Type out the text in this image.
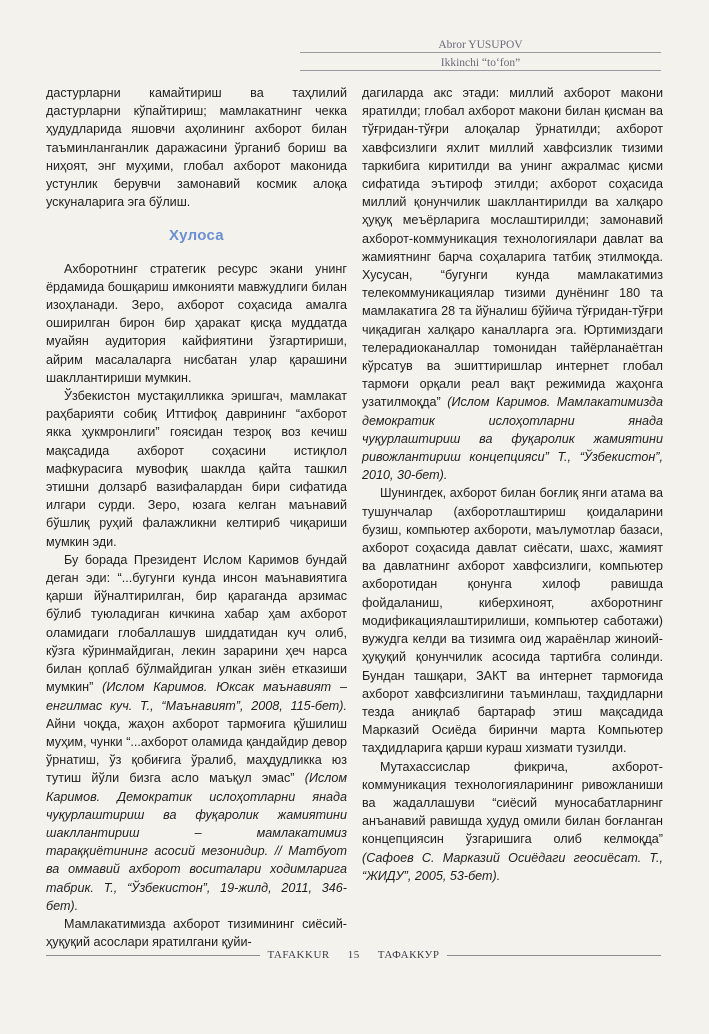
Abror YUSUPOV
Ikkinchi “to‘fon”

дастурларни камайтириш ва таҳлилий дастурларни кўпайтириш; мамлакатнинг чекка ҳудудларида яшовчи аҳолининг ахборот билан таъминланганлик даражасини ўрганиб бориш ва ниҳоят, энг муҳими, глобал ахборот маконида устунлик берувчи замонавий космик алоқа ускуналарига эга бўлиш.

Хулоса

Ахборотнинг стратегик ресурс экани унинг ёрдамида бошқариш имконияти мавжудлиги билан изоҳланади. Зеро, ахборот соҳасида амалга оширилган бирон бир ҳаракат қисқа муддатда муайян аудитория кайфиятини ўзгартириши, айрим масалаларга нисбатан улар қарашини шакллантириши мумкин.

Ўзбекистон мустақилликка эришгач, мамлакат раҳбарияти собиқ Иттифоқ даврининг “ахборот якка ҳукмронлиги” гоясидан тезроқ воз кечиш мақсадида ахборот соҳасини истиқлол мафкурасига мувофиқ шаклда қайта ташкил этишни долзарб вазифалардан бири сифатида илгари сурди. Зеро, юзага келган маънавий бўшлиқ руҳий фалажликни келтириб чиқариши мумкин эди.

Бу борада Президент Ислом Каримов бундай деган эди: “...бугунги кунда инсон маънавиятига қарши йўналтирилган, бир қараганда арзимас бўлиб туюладиган кичкина хабар ҳам ахборот оламидаги глобаллашув шиддатидан куч олиб, кўзга кўринмайдиган, лекин зарарини ҳеч нарса билан қоплаб бўлмайдиган улкан зиён етказиши мумкин” (Ислом Каримов. Юксак маънавият – енгилмас куч. Т., “Маънавият”, 2008, 115-бет). Айни чоқда, жаҳон ахборот тармоғига қўшилиш муҳим, чунки “...ахборот оламида қандайдир девор ўрнатиш, ўз қобиғига ўралиб, маҳдудликка юз тутиш йўли бизга асло маъқул эмас” (Ислом Каримов. Демократик ислоҳотларни янада чуқурлаштириш ва фуқаролик жамиятини шакллантириш – мамлакатимиз тараққиётининг асосий мезонидир. // Матбуот ва оммавий ахборот воситалари ходимларига табрик. Т., “Ўзбекистон”, 19-жилд, 2011, 346-бет).

Мамлакатимизда ахборот тизимининг сиёсий-ҳуқуқий асослари яратилгани қуйи-

дагиларда акс этади: миллий ахборот макони яратилди; глобал ахборот макони билан қисман ва тўғридан-тўғри алоқалар ўрнатилди; ахборот хавфсизлиги яхлит миллий хавфсизлик тизими таркибига киритилди ва унинг ажралмас қисми сифатида эътироф этилди; ахборот соҳасида миллий қонунчилик шакллантирилди ва халқаро ҳуқуқ меъёрларига мослаштирилди; замонавий ахборот-коммуникация технологиялари давлат ва жамиятнинг барча соҳаларига татбиқ этилмоқда. Хусусан, “бугунги кунда мамлакатимиз телекоммуникациялар тизими дунёнинг 180 та мамлакатига 28 та йўналиш бўйича тўғридан-тўғри чиқадиган халқаро каналларга эга. Юртимиздаги телерадиоканаллар томонидан тайёрланаётган кўрсатув ва эшиттиришлар интернет глобал тармоғи орқали реал вақт режимида жаҳонга узатилмоқда” (Ислом Каримов. Мамлакатимизда демократик ислоҳотларни янада чуқурлаштириш ва фуқаролик жамиятини ривожлантириш концепцияси” Т., “Ўзбекистон”, 2010, 30-бет).

Шунингдек, ахборот билан боғлиқ янги атама ва тушунчалар (ахборотлаштириш қоидаларини бузиш, компьютер ахбороти, маълумотлар базаси, ахборот соҳасида давлат сиёсати, шахс, жамият ва давлатнинг ахборот хавфсизлиги, компьютер ахборотидан қонунга хилоф равишда фойдаланиш, киберхиноят, ахборотнинг модификациялаштирилиши, компьютер саботажи) вужудга келди ва тизимга оид жараёнлар жиноий-ҳуқуқий қонунчилик асосида тартибга солинди. Бундан ташқари, ЗАКТ ва интернет тармоғида ахборот хавфсизлигини таъминлаш, таҳдидларни тезда аниқлаб бартараф этиш мақсадида Марказий Осиёда биринчи марта Компьютер таҳдидларига қарши кураш хизмати тузилди.

Мутахассислар фикрича, ахборот-коммуникация технологияларининг ривожланиши ва жадаллашуви “сиёсий муносабатларнинг анъанавий равишда ҳудуд омили билан боғланган концепциясин ўзгаришига олиб келмоқда” (Сафоев С. Марказий Осиёдаги геосиёсат. Т., “ЖИДУ”, 2005, 53-бет).

TAFAKKUR	15	ТАФАККУР
